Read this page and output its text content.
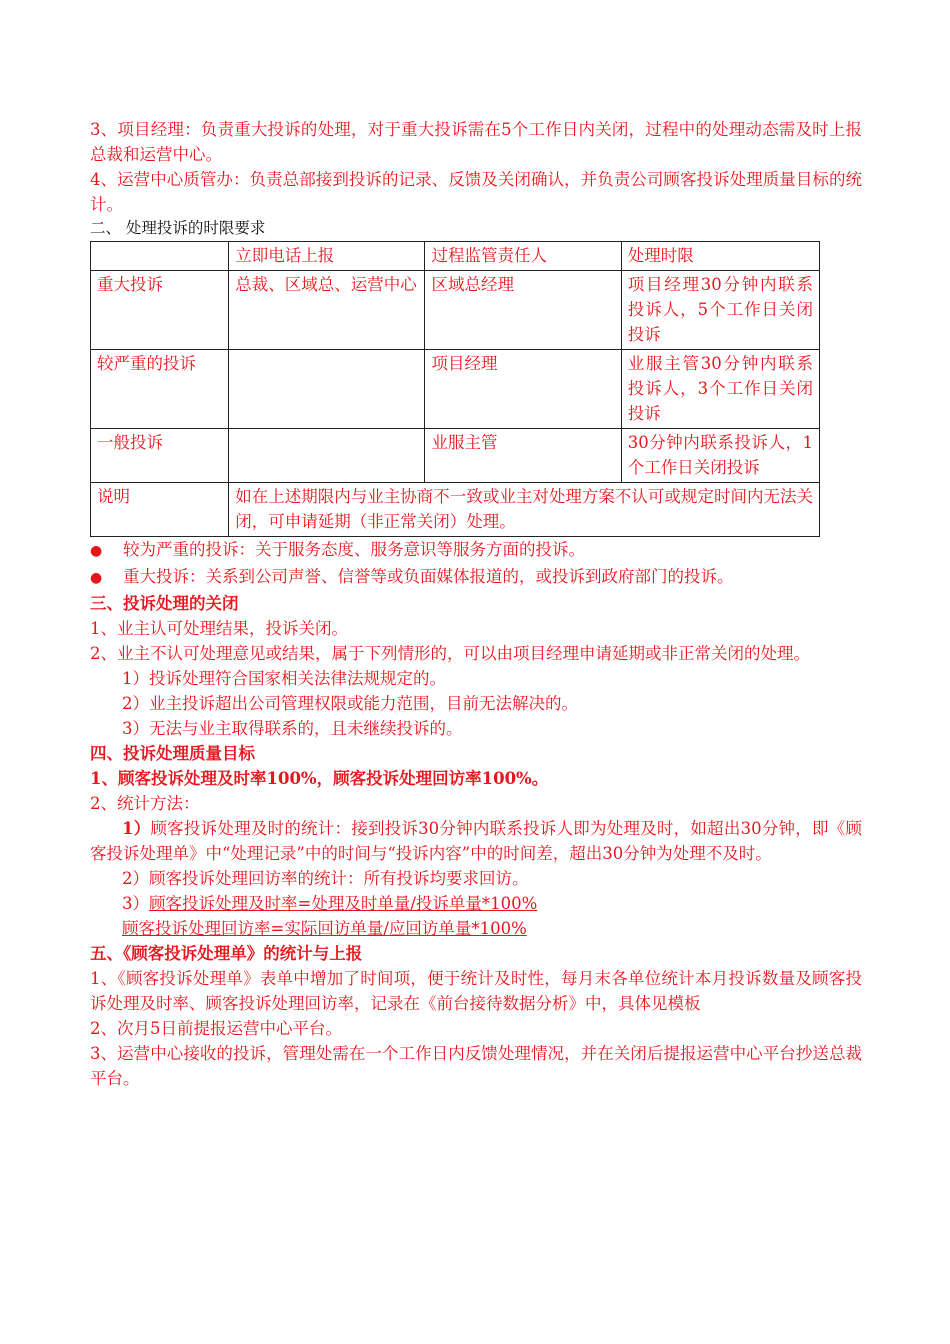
3、项目经理：负责重大投诉的处理，对于重大投诉需在5个工作日内关闭，过程中的处理动态需及时上报总裁和运营中心。

4、运营中心质管办：负责总部接到投诉的记录、反馈及关闭确认，并负责公司顾客投诉处理质量目标的统计。

二、 处理投诉的时限要求

	立即电话上报	过程监管责任人	处理时限
重大投诉	总裁、区域总、运营中心	区域总经理	项目经理30分钟内联系投诉人，5个工作日关闭投诉
较严重的投诉		项目经理	业服主管30分钟内联系投诉人，3个工作日关闭投诉
一般投诉		业服主管	30分钟内联系投诉人，1个工作日关闭投诉
说明	如在上述期限内与业主协商不一致或业主对处理方案不认可或规定时间内无法关闭，可申请延期（非正常关闭）处理。		
●	较为严重的投诉：关于服务态度、服务意识等服务方面的投诉。
●	重大投诉：关系到公司声誉、信誉等或负面媒体报道的，或投诉到政府部门的投诉。

三、投诉处理的关闭

1、业主认可处理结果，投诉关闭。

2、业主不认可处理意见或结果，属于下列情形的，可以由项目经理申请延期或非正常关闭的处理。

1）投诉处理符合国家相关法律法规规定的。

2）业主投诉超出公司管理权限或能力范围，目前无法解决的。

3）无法与业主取得联系的，且未继续投诉的。

四、投诉处理质量目标

1、顾客投诉处理及时率100%，顾客投诉处理回访率100%。

2、统计方法：

1）顾客投诉处理及时的统计：接到投诉30分钟内联系投诉人即为处理及时，如超出30分钟，即《顾客投诉处理单》中“处理记录”中的时间与“投诉内容”中的时间差，超出30分钟为处理不及时。

2）顾客投诉处理回访率的统计：所有投诉均要求回访。

3）顾客投诉处理及时率=处理及时单量/投诉单量*100%

顾客投诉处理回访率=实际回访单量/应回访单量*100%

五、《顾客投诉处理单》的统计与上报

1、《顾客投诉处理单》表单中增加了时间项，便于统计及时性，每月末各单位统计本月投诉数量及顾客投诉处理及时率、顾客投诉处理回访率，记录在《前台接待数据分析》中，具体见模板

2、次月5日前提报运营中心平台。

3、运营中心接收的投诉，管理处需在一个工作日内反馈处理情况，并在关闭后提报运营中心平台抄送总裁平台。
